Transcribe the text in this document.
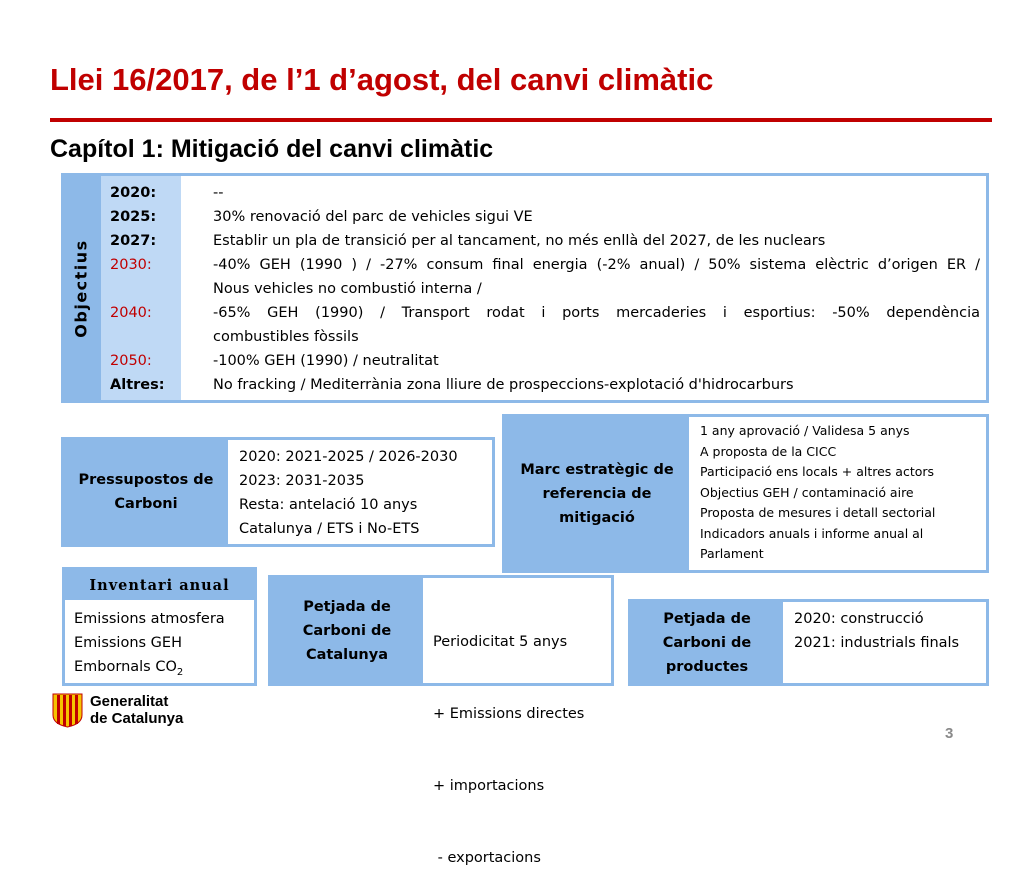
Llei 16/2017, de l’1 d’agost, del canvi climàtic
Capítol 1: Mitigació del canvi climàtic
Objectius
2020:	--
2025:	30% renovació del parc de vehicles sigui VE
2027:	Establir un pla de transició per al tancament, no més enllà del 2027, de les nuclears
2030:	-40% GEH (1990 ) / -27% consum final energia (-2% anual) / 50% sistema elèctric d’origen ER /
Nous vehicles no combustió interna /
2040:	-65% GEH (1990) / Transport rodat i ports mercaderies i esportius: -50% dependència
combustibles fòssils
2050:	-100% GEH (1990) / neutralitat
Altres:	No fracking / Mediterrània zona lliure de prospeccions-explotació d'hidrocarburs
Pressupostos de Carboni
2020: 2021-2025 / 2026-2030
2023: 2031-2035
Resta: antelació 10 anys
Catalunya / ETS i No-ETS
Marc estratègic de referencia de mitigació
1 any aprovació / Validesa 5 anys
A proposta de la CICC
Participació ens locals + altres actors
Objectius GEH / contaminació aire
Proposta de mesures i detall sectorial
Indicadors anuals i informe anual al
Parlament
Inventari anual
Emissions atmosfera
Emissions GEH
Embornals $CO_2$
Petjada de Carboni de Catalunya

Periodicitat 5 anys

+ Emissions directes

+ importacions

- exportacions

Petjada de Carboni de productes
2020: construcció
2021: industrials finals
Generalitat
de Catalunya
3
